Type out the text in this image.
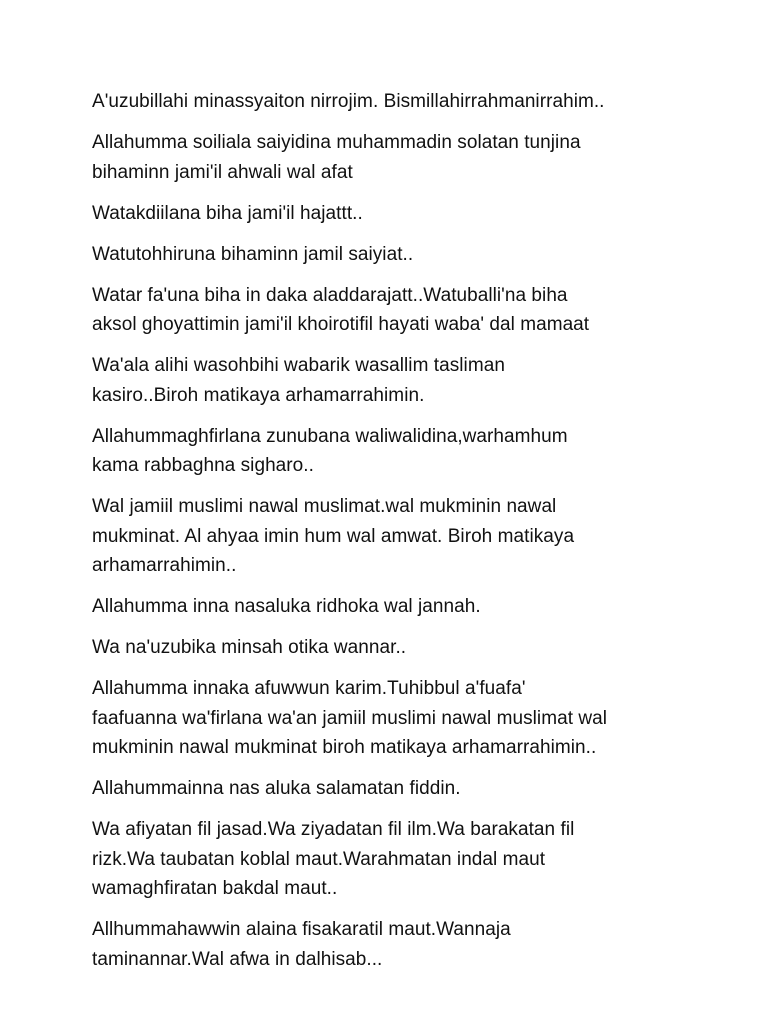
A'uzubillahi minassyaiton nirrojim. Bismillahirrahmanirrahim..

Allahumma soiliala saiyidina muhammadin solatan tunjina
bihaminn jami'il ahwali wal afat

Watakdiilana biha jami'il hajattt..

Watutohhiruna bihaminn jamil saiyiat..

Watar fa'una biha in daka aladdarajatt..Watuballi'na biha
aksol ghoyattimin jami'il khoirotifil hayati waba' dal mamaat

Wa'ala alihi wasohbihi wabarik wasallim tasliman
kasiro..Biroh matikaya arhamarrahimin.

Allahummaghfirlana zunubana waliwalidina,warhamhum
kama rabbaghna sigharo..

Wal jamiil muslimi nawal muslimat.wal mukminin nawal
mukminat. Al ahyaa imin hum wal amwat. Biroh matikaya
arhamarrahimin..

Allahumma inna nasaluka ridhoka wal jannah.

Wa na'uzubika minsah otika wannar..

Allahumma innaka afuwwun karim.Tuhibbul a'fuafa'
faafuanna wa'firlana wa'an jamiil muslimi nawal muslimat wal
mukminin nawal mukminat biroh matikaya arhamarrahimin..

Allahummainna nas aluka salamatan fiddin.

Wa afiyatan fil jasad.Wa ziyadatan fil ilm.Wa barakatan fil
rizk.Wa taubatan koblal maut.Warahmatan indal maut
wamaghfiratan bakdal maut..

Allhummahawwin alaina fisakaratil maut.Wannaja
taminannar.Wal afwa in dalhisab...
